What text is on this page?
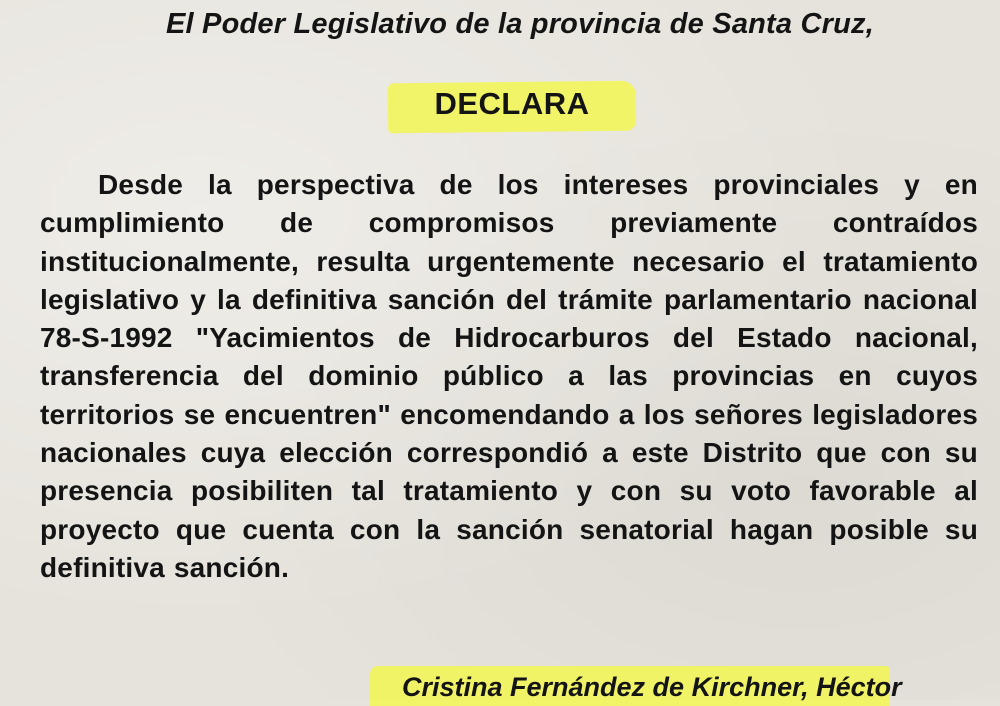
El Poder Legislativo de la provincia de Santa Cruz,
DECLARA
Desde la perspectiva de los intereses provinciales y en cumplimiento de compromisos previamente contraídos institucionalmente, resulta urgentemente necesario el tratamiento legislativo y la definitiva sanción del trámite parlamentario nacional 78-S-1992 "Yacimientos de Hidrocarburos del Estado nacional, transferencia del dominio público a las provincias en cuyos territorios se encuentren" encomendando a los señores legisladores nacionales cuya elección correspondió a este Distrito que con su presencia posibiliten tal tratamiento y con su voto favorable al proyecto que cuenta con la sanción senatorial hagan posible su definitiva sanción.
Cristina Fernández de Kirchner, Héctor
